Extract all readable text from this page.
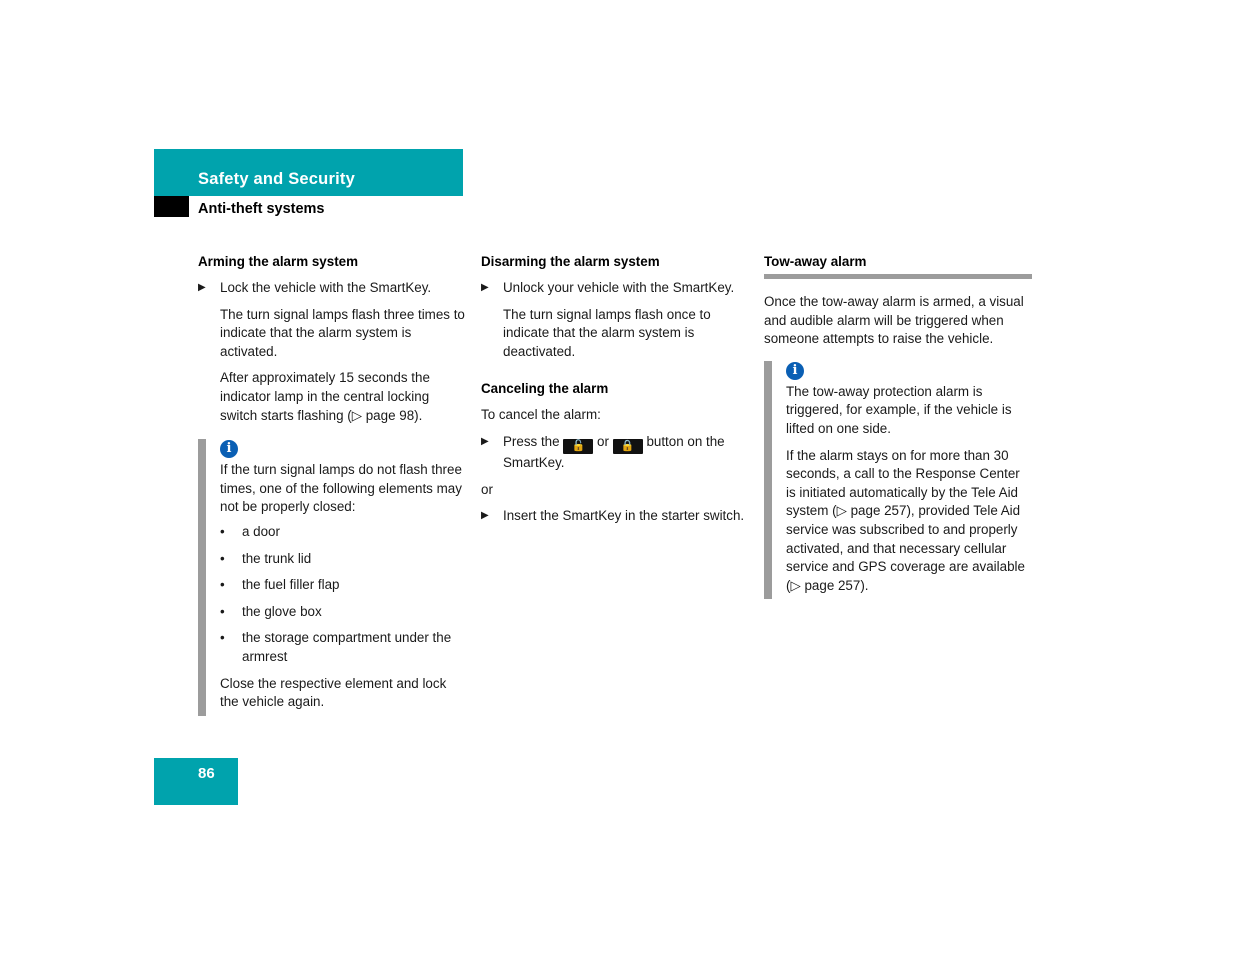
Safety and Security
Anti-theft systems
Arming the alarm system
▶	Lock the vehicle with the SmartKey.

The turn signal lamps flash three times to indicate that the alarm system is activated.

After approximately 15 seconds the indicator lamp in the central locking switch starts flashing (▷ page 98).

i

If the turn signal lamps do not flash three times, one of the following elements may not be properly closed:

•	a door
•	the trunk lid
•	the fuel filler flap
•	the glove box
•	the storage compartment under the armrest

Close the respective element and lock the vehicle again.

Disarming the alarm system
▶	Unlock your vehicle with the SmartKey.

The turn signal lamps flash once to indicate that the alarm system is deactivated.

Canceling the alarm

To cancel the alarm:

▶	Press the 🔓 or 🔒 button on the SmartKey.

or

▶	Insert the SmartKey in the starter switch.

Tow-away alarm

Once the tow-away alarm is armed, a visual and audible alarm will be triggered when someone attempts to raise the vehicle.

i

The tow-away protection alarm is triggered, for example, if the vehicle is lifted on one side.

If the alarm stays on for more than 30 seconds, a call to the Response Center is initiated automatically by the Tele Aid system (▷ page 257), provided Tele Aid service was subscribed to and properly activated, and that necessary cellular service and GPS coverage are available (▷ page 257).

86
